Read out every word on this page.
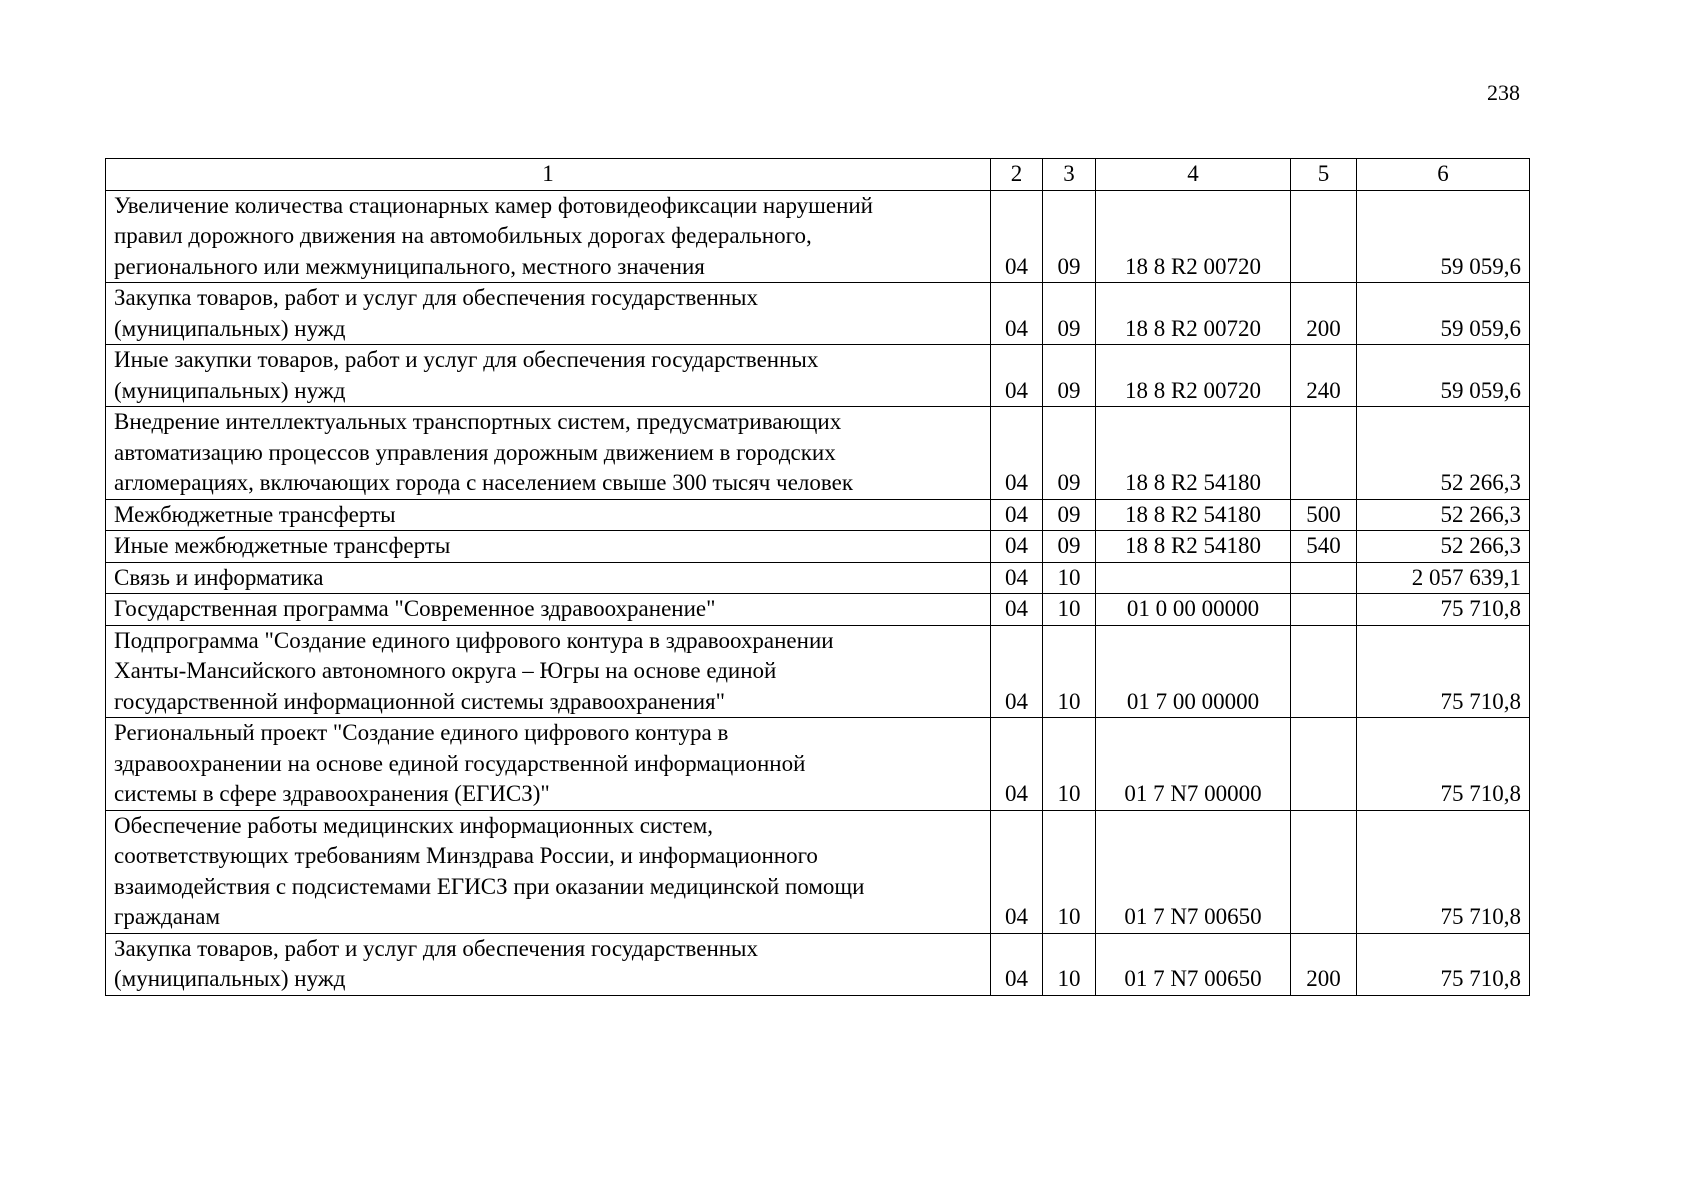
238
1	2	3	4	5	6

Увеличение количества стационарных камер фотовидеофиксации нарушений
правил дорожного движения на автомобильных дорогах федерального,
регионального или межмуниципального, местного значения	04	09	18 8 R2 00720		59 059,6

Закупка товаров, работ и услуг для обеспечения государственных
(муниципальных) нужд	04	09	18 8 R2 00720	200	59 059,6

Иные закупки товаров, работ и услуг для обеспечения государственных
(муниципальных) нужд	04	09	18 8 R2 00720	240	59 059,6

Внедрение интеллектуальных транспортных систем, предусматривающих
автоматизацию процессов управления дорожным движением в городских
агломерациях, включающих города с населением свыше 300 тысяч человек	04	09	18 8 R2 54180		52 266,3

Межбюджетные трансферты	04	09	18 8 R2 54180	500	52 266,3

Иные межбюджетные трансферты	04	09	18 8 R2 54180	540	52 266,3

Связь и информатика	04	10			2 057 639,1

Государственная программа "Современное здравоохранение"	04	10	01 0 00 00000		75 710,8

Подпрограмма "Создание единого цифрового контура в здравоохранении
Ханты-Мансийского автономного округа – Югры на основе единой
государственной информационной системы здравоохранения"	04	10	01 7 00 00000		75 710,8

Региональный проект "Создание единого цифрового контура в
здравоохранении на основе единой государственной информационной
системы в сфере здравоохранения (ЕГИСЗ)"	04	10	01 7 N7 00000		75 710,8

Обеспечение работы медицинских информационных систем,
соответствующих требованиям Минздрава России, и информационного
взаимодействия с подсистемами ЕГИСЗ при оказании медицинской помощи
гражданам	04	10	01 7 N7 00650		75 710,8

Закупка товаров, работ и услуг для обеспечения государственных
(муниципальных) нужд	04	10	01 7 N7 00650	200	75 710,8
